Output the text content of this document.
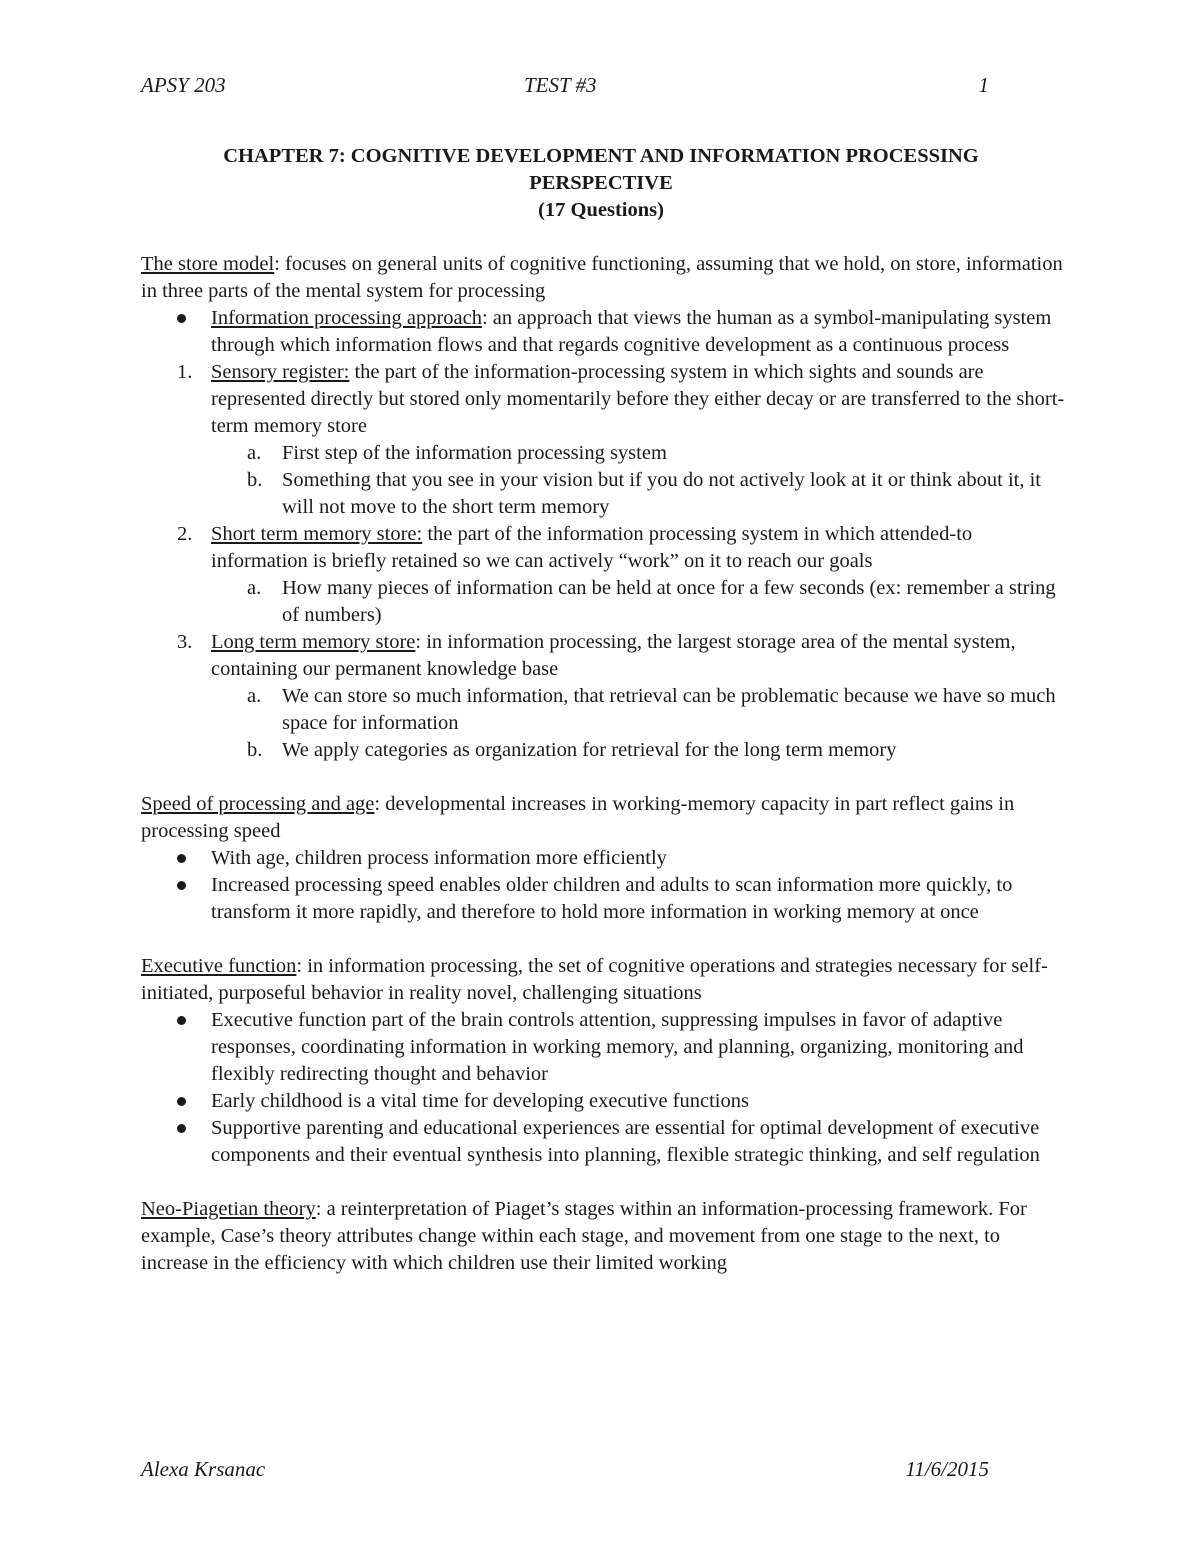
APSY 203	TEST #3	1
CHAPTER 7: COGNITIVE DEVELOPMENT AND INFORMATION PROCESSING
PERSPECTIVE
(17 Questions)

The store model: focuses on general units of cognitive functioning, assuming that we hold, on store, information in three parts of the mental system for processing

Information processing approach: an approach that views the human as a symbol-manipulating system through which information flows and that regards cognitive development as a continuous process
1. Sensory register: the part of the information-processing system in which sights and sounds are represented directly but stored only momentarily before they either decay or are transferred to the short-term memory store
a. First step of the information processing system
b. Something that you see in your vision but if you do not actively look at it or think about it, it will not move to the short term memory
2. Short term memory store: the part of the information processing system in which attended-to information is briefly retained so we can actively “work” on it to reach our goals
a. How many pieces of information can be held at once for a few seconds (ex: remember a string of numbers)
3. Long term memory store: in information processing, the largest storage area of the mental system, containing our permanent knowledge base
a. We can store so much information, that retrieval can be problematic because we have so much space for information
b. We apply categories as organization for retrieval for the long term memory

Speed of processing and age: developmental increases in working-memory capacity in part reflect gains in processing speed

With age, children process information more efficiently
Increased processing speed enables older children and adults to scan information more quickly, to transform it more rapidly, and therefore to hold more information in working memory at once

Executive function: in information processing, the set of cognitive operations and strategies necessary for self-initiated, purposeful behavior in reality novel, challenging situations

Executive function part of the brain controls attention, suppressing impulses in favor of adaptive responses, coordinating information in working memory, and planning, organizing, monitoring and flexibly redirecting thought and behavior
Early childhood is a vital time for developing executive functions
Supportive parenting and educational experiences are essential for optimal development of executive components and their eventual synthesis into planning, flexible strategic thinking, and self regulation

Neo-Piagetian theory: a reinterpretation of Piaget’s stages within an information-processing framework. For example, Case’s theory attributes change within each stage, and movement from one stage to the next, to increase in the efficiency with which children use their limited working

Alexa Krsanac	11/6/2015
